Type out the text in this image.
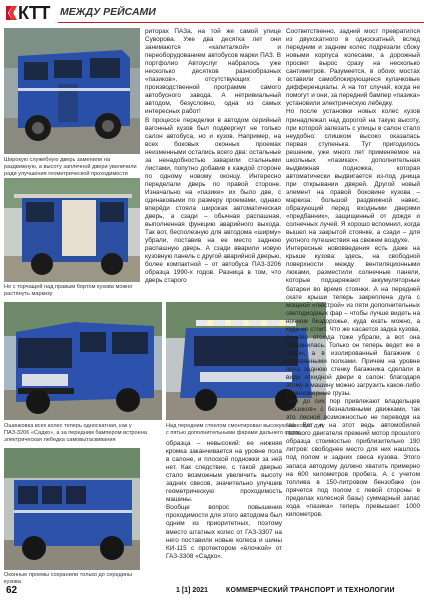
КТТ МЕЖДУ РЕЙСАМИ
Широкую служебную дверь заменили на раздвижную, а высоту заплечной двери увеличили ради улучшения геометрической проходимости
Но с торчащей над правым бортом кузова можно растянуть маркизу
Ошинковка всех колес теперь односкатная, как у ПАЗ-3206 «Садко», а за передним бампером встроена электрическая лебедка самовытаскивания
Над передним стеклом смонтирован высокую навесную дугу с пятью дополнительными фарами дальнего света
Оконные проемы сохранили только до середины кузова
риторах ПАЗа, на той же самой улице Суворова. Уже два десятка лет они занимаются «капиталкой» и переоборудованием автобусов марки ПАЗ. В портфолио Автоуслуг набралось уже несколько десятков разнообразных «пазиков», отсутствующих в производственной программе самого автобусного завода. А нетривиальный автодом, безусловно, одна из самых интересных работ!
В процессе переделки в автодом серийный вагонный кузов был подвергнут не только салон автобуса, но и кузов. Например, на всех боковых оконных проемах неизменными остались всего два: остальные за ненадобностью заварили стальными листами, попутно добавив к каждой стороне по одному новому оконцу. Интересно переделали дверь по правой стороне. Изначально на «пазике» их было две, с одинаковыми по размеру проемами, однако вперёди стояла широкая автоматическая дверь, а сзади – обычная распашная, выполненная функцию аварийного выхода. Так вот, бесполезную для автодома «ширму» убрали, поставив на ее место заднюю распашную дверь. А сзади вварили новую кузовную панель с другой аварийной дверью, более компактной – от автобуса ПАЗ-3206 образца 1990-х годов. Разница в том, что дверь старого
образца – невысокий: ее нижняя кромка заканчивается на уровне пола в салоне, и плоской подножки за ней нет. Как следствие, с такой дверью стало возможным увеличить высоту задних свесов, значительно улучшив геометрическую проходимость машины.
Вообще вопрос повышения проходимости для этого автодома был одним из приоритетных, поэтому вместо штатных колес от ГАЗ-3307 на него поставили новые колеса и шины КИ-115 с протектором «ёлочкой» от ГАЗ-3308 «Садко».
Соответственно, задний мост превратился из двухскатного в односкатный, вслед передним и задним колес подрезали сбоку новыми корпуса колесами, а дорожный просвет вырос сразу на несколько сантиметров. Разумеется, в обоих мостах оставили самоблокирующиеся кулачковые дифференциалы. А на тот случай, когда не помогут и они, за передний бампер «пазика» установили электрическую лебедку.
Но после установки новых колес кузов принадлежал над дорогой на такую высоту, при которой залезать с улицы в салон стало неудобно: слишком высоко оказалась первая ступенька. Тут пригодилось решение, уже много лет применяемое на школьных «пазиках»: дополнительная выдвижная подножка, которая автоматически выдвигается из-под днища при открывании дверей. Другой новый элемент на правой боковине кузова – маркиза: большой раздвижной навес, образующий перед входными дверями «предбанник», защищенный от дождя и солнечных лучей. Я хорошо вспомнил, когда вышел на закрытой стоянке, а сзади – для уютного путешествия на свежем воздухе.
Интересные нововведения есть даже на крыше кузова: здесь, на свободной поверхности между вентиляционными люками, разместили солнечные панели, которые подзаряжают аккумуляторные батареи во время стоянки. А на передней скате крыши теперь закреплена дуга с мощной «люстрой» из пяти дополнительных светодиодных фар – чтобы лучше видеть на ночном бездорожье, куда ехать можно, а куда не стоит. Что же касается задка кузова, то оно отсюда тоже убрали, а вот она сохранилась. Только он теперь ведет же в салон, а в изолированный багажник с деревянными полками. Причем на уровне пола заднюю стенку багажника сделали в виде откидной двери в салон: благодаря этому в машину можно загрузить какое-либо длинномерные грузы.
Чем до сих пор привлекают владельцев «пазиков» с безналивными движками, так это лесной возможностью не переводя на газ. Вот и на этот ведь автомобилей газового двигателя прежний мотор прошлого образца стоимостью приблизительно 190 литров: свободнее место для них нашлось под полом и задних свеса кузова. Этого запаса автодому должно хватить примерно на 600 километров пробега. А с учетом топлива в 150-литровом бензобаке (он прячется под полом с левой стороны в пределах колесной базы) суммарный запас хода «пазика» теперь превышает 1000 километров.
62	1 [1] 2021	КОММЕРЧЕСКИЙ ТРАНСПОРТ И ТЕХНОЛОГИИ
